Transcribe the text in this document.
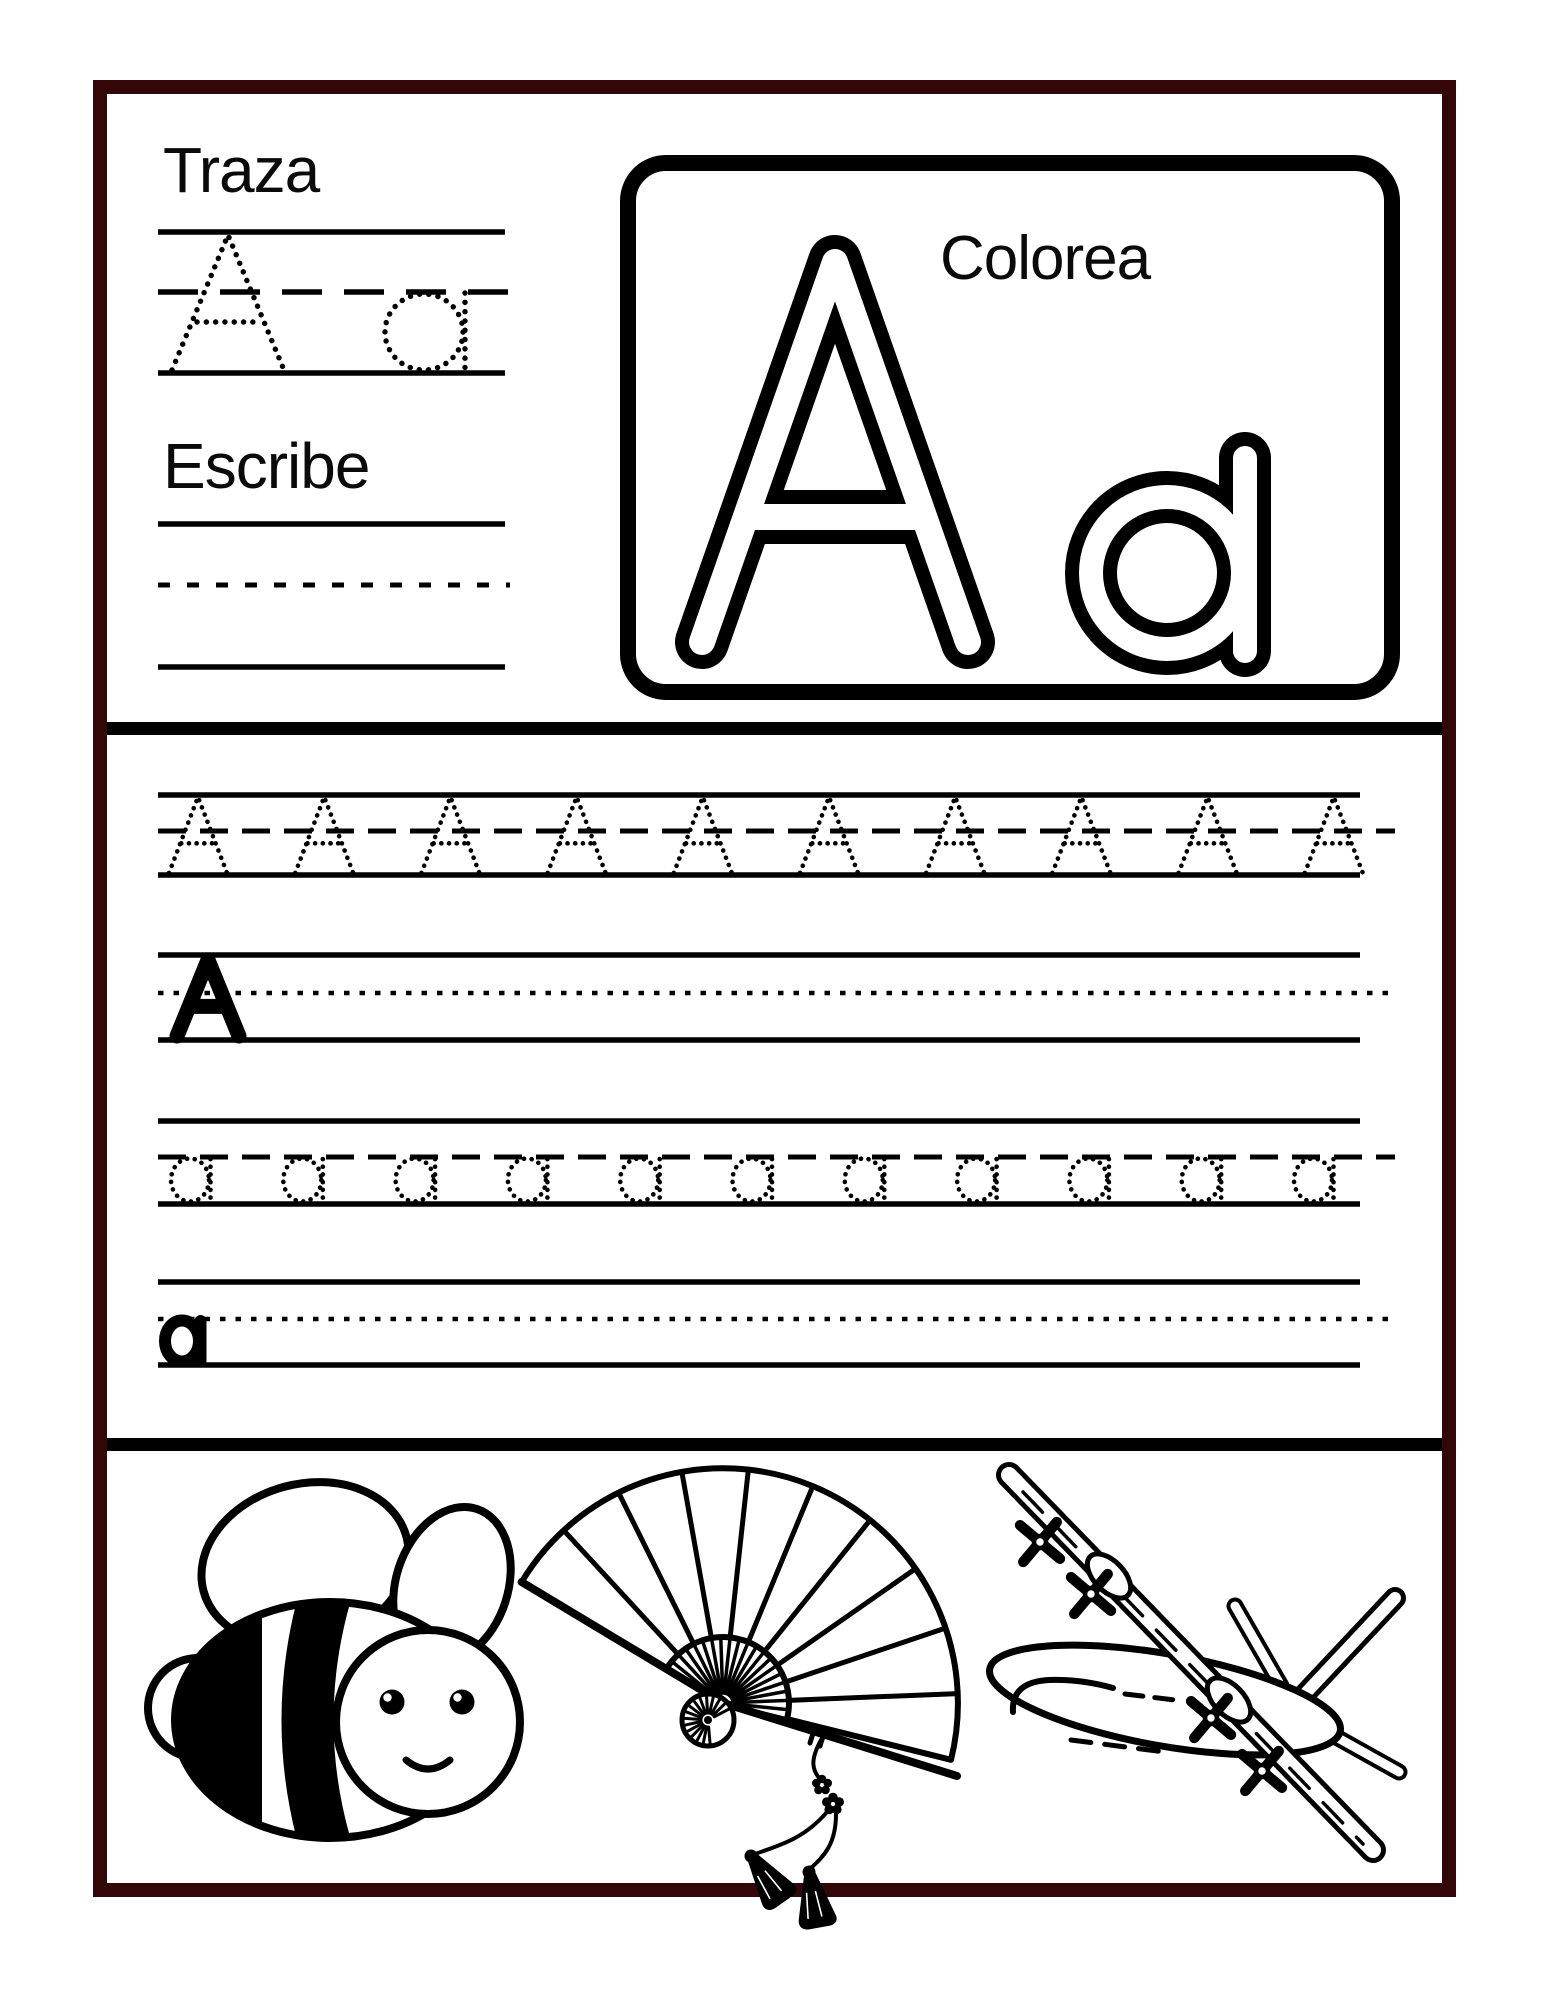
Traza
Escribe
Colorea
